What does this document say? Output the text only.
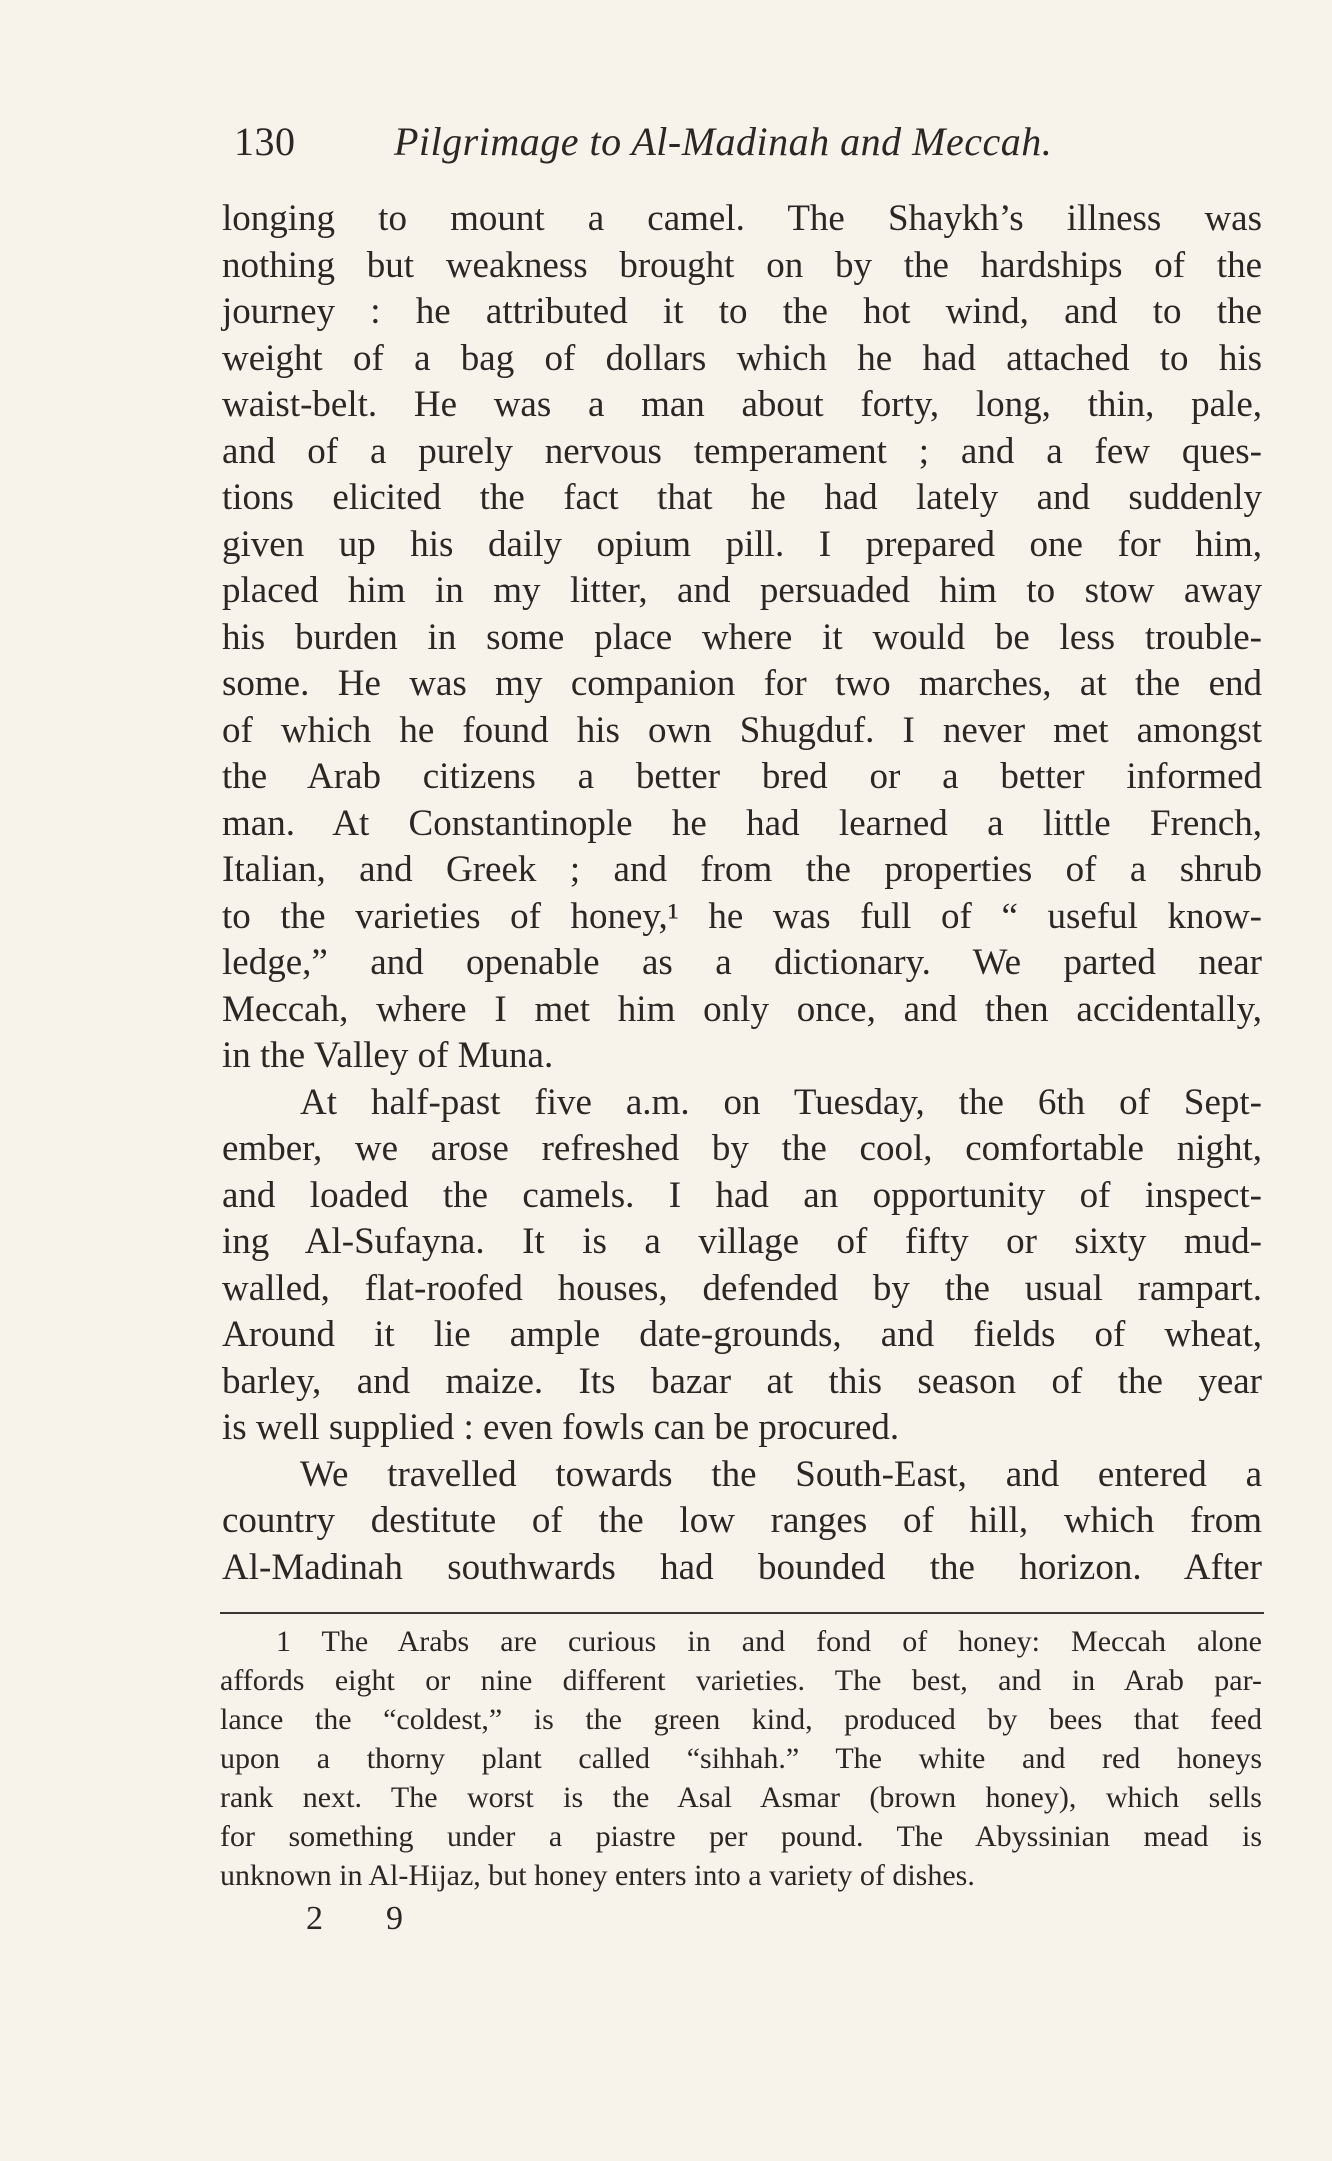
130 Pilgrimage to Al-Madinah and Meccah.
longing to mount a camel. The Shaykh’s illness was
nothing but weakness brought on by the hardships of the
journey : he attributed it to the hot wind, and to the
weight of a bag of dollars which he had attached to his
waist-belt. He was a man about forty, long, thin, pale,
and of a purely nervous temperament ; and a few ques-
tions elicited the fact that he had lately and suddenly
given up his daily opium pill. I prepared one for him,
placed him in my litter, and persuaded him to stow away
his burden in some place where it would be less trouble-
some. He was my companion for two marches, at the end
of which he found his own Shugduf. I never met amongst
the Arab citizens a better bred or a better informed
man. At Constantinople he had learned a little French,
Italian, and Greek ; and from the properties of a shrub
to the varieties of honey,¹ he was full of “ useful know-
ledge,” and openable as a dictionary. We parted near
Meccah, where I met him only once, and then accidentally,
in the Valley of Muna.
At half-past five a.m. on Tuesday, the 6th of Sept-
ember, we arose refreshed by the cool, comfortable night,
and loaded the camels. I had an opportunity of inspect-
ing Al-Sufayna. It is a village of fifty or sixty mud-
walled, flat-roofed houses, defended by the usual rampart.
Around it lie ample date-grounds, and fields of wheat,
barley, and maize. Its bazar at this season of the year
is well supplied : even fowls can be procured.
We travelled towards the South-East, and entered a
country destitute of the low ranges of hill, which from
Al-Madinah southwards had bounded the horizon. After
1 The Arabs are curious in and fond of honey: Meccah alone
affords eight or nine different varieties. The best, and in Arab par-
lance the “coldest,” is the green kind, produced by bees that feed
upon a thorny plant called “sihhah.” The white and red honeys
rank next. The worst is the Asal Asmar (brown honey), which sells
for something under a piastre per pound. The Abyssinian mead is
unknown in Al-Hijaz, but honey enters into a variety of dishes.
2 9
